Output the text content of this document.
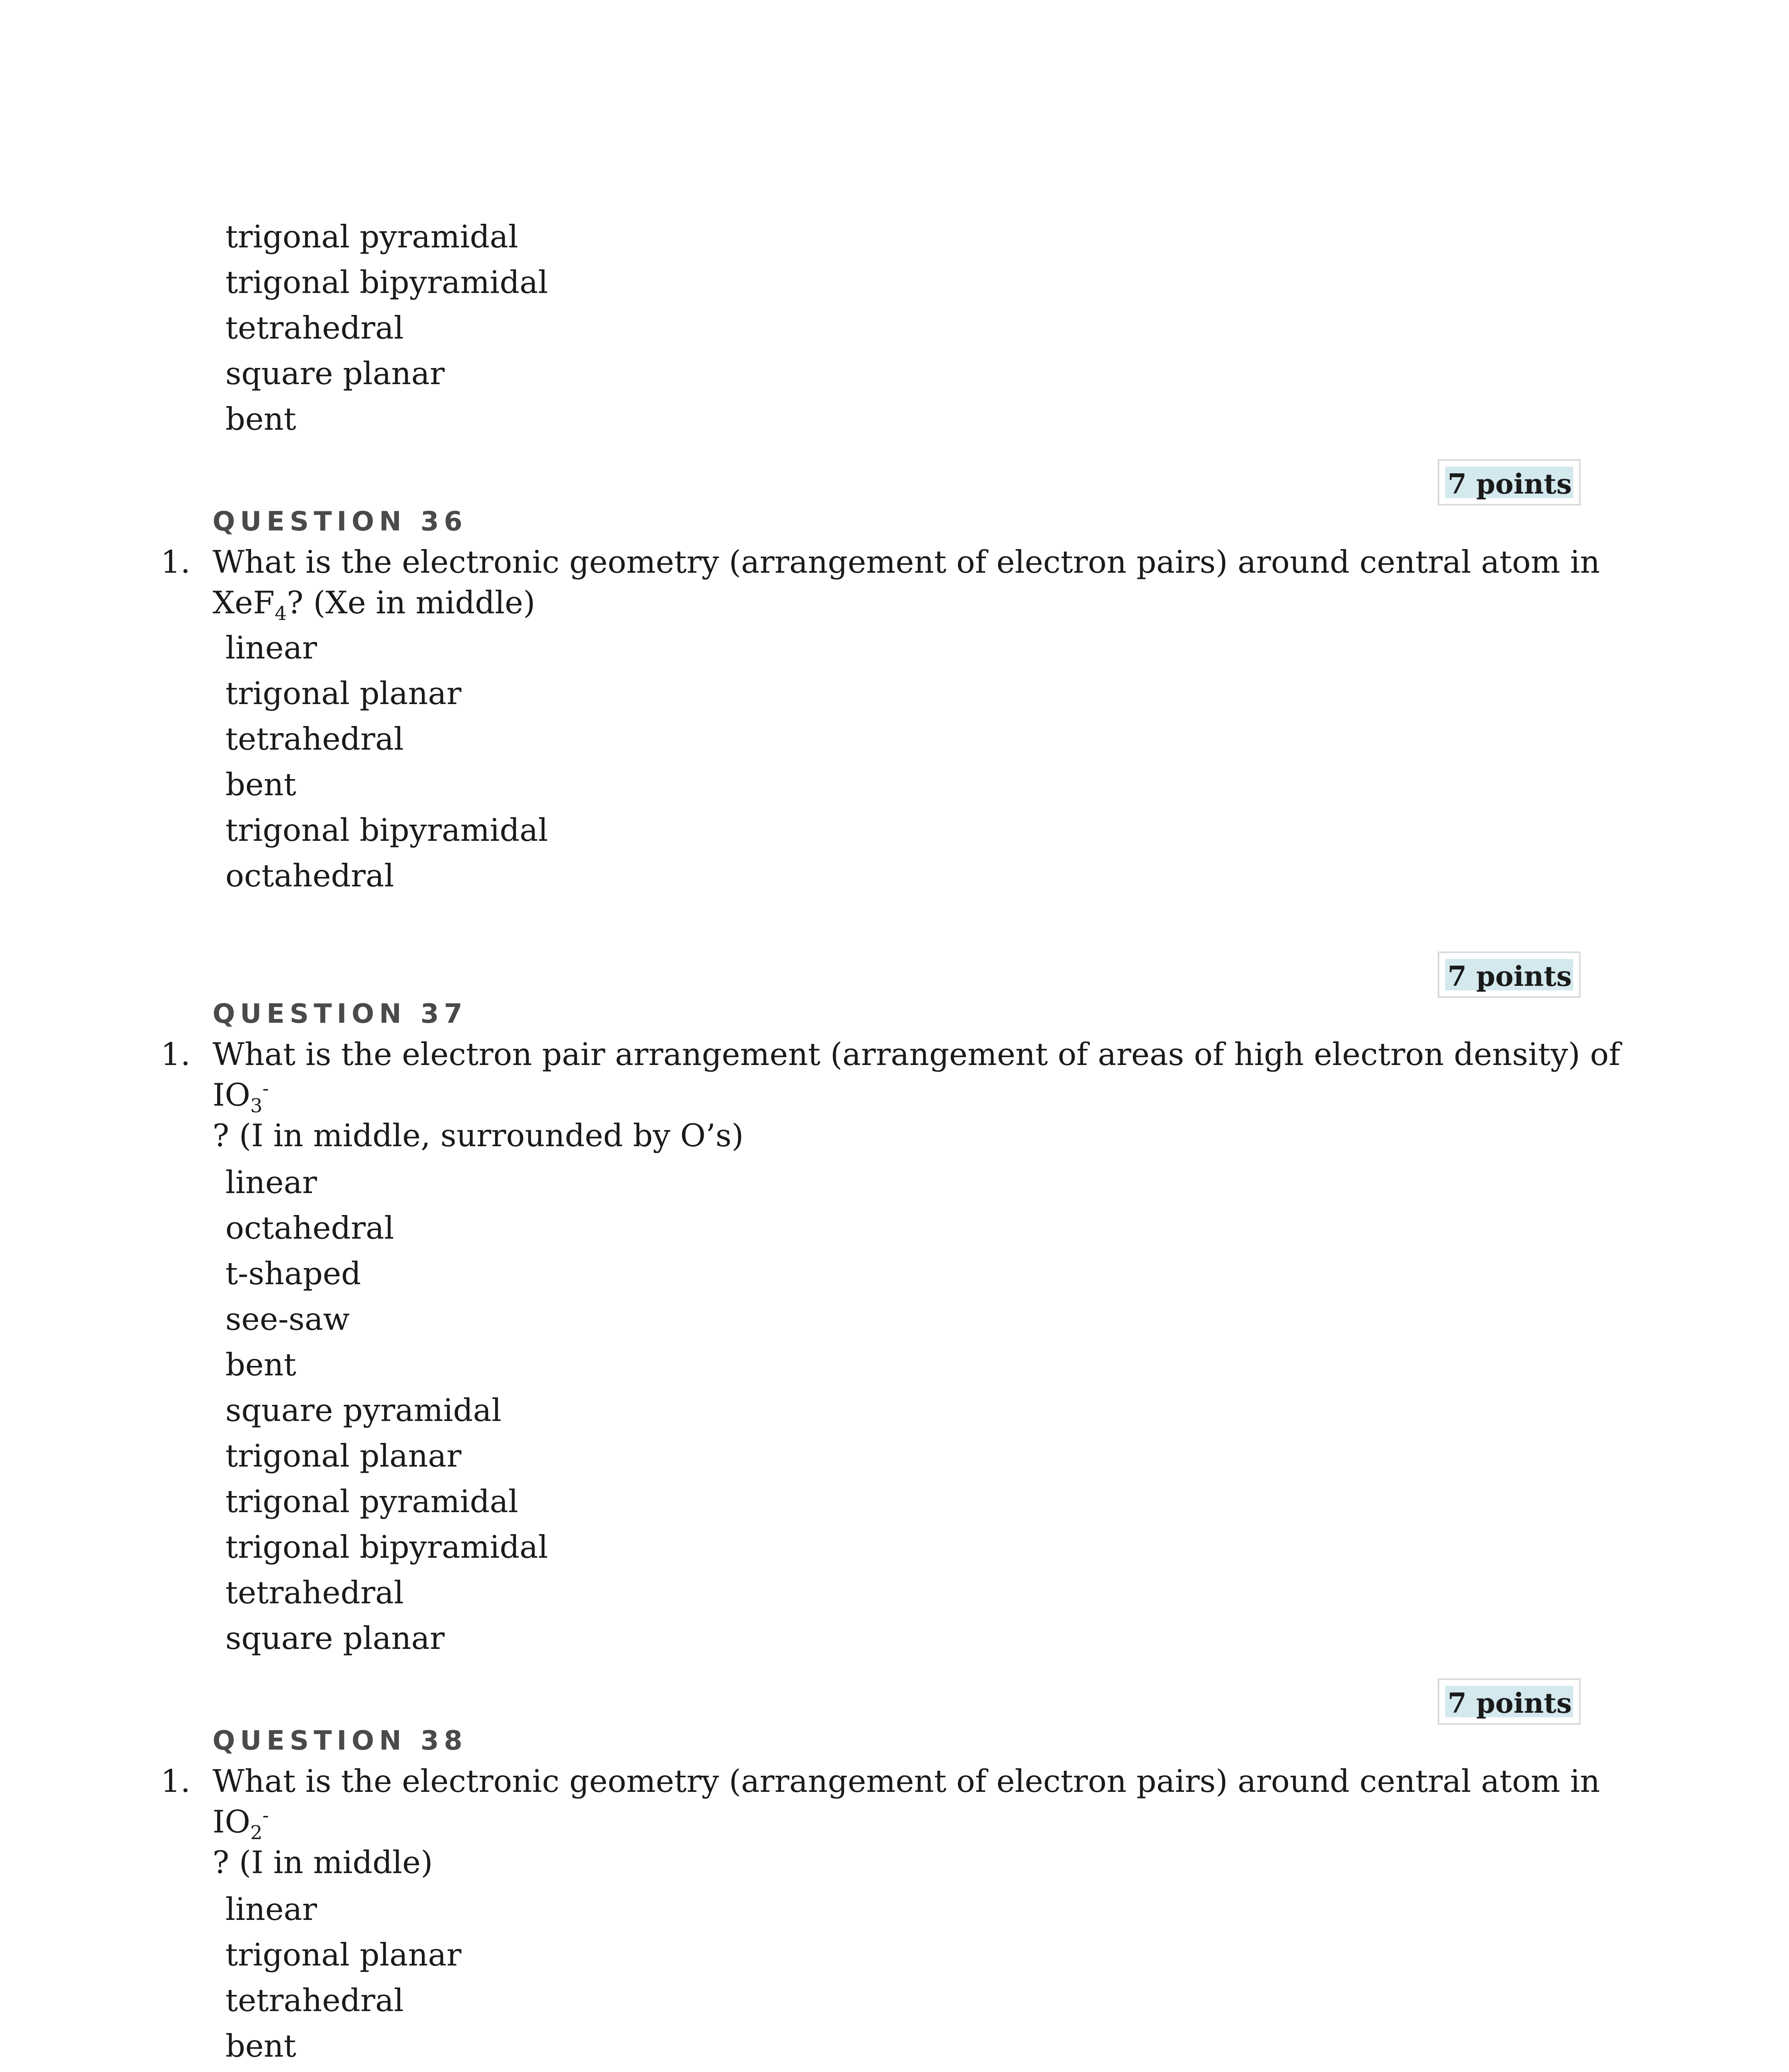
trigonal pyramidal
trigonal bipyramidal
tetrahedral
square planar
bent
7 points
QUESTION 36
1. What is the electronic geometry (arrangement of electron pairs) around central atom in
XeF$_4$? (Xe in middle)
linear
trigonal planar
tetrahedral
bent
trigonal bipyramidal
octahedral
7 points
QUESTION 37
1. What is the electron pair arrangement (arrangement of areas of high electron density) of
$IO_3^-$
? (I in middle, surrounded by O’s)
linear
octahedral
t-shaped
see-saw
bent
square pyramidal
trigonal planar
trigonal pyramidal
trigonal bipyramidal
tetrahedral
square planar
7 points
QUESTION 38
1. What is the electronic geometry (arrangement of electron pairs) around central atom in
$IO_2^-$
? (I in middle)
linear
trigonal planar
tetrahedral
bent
